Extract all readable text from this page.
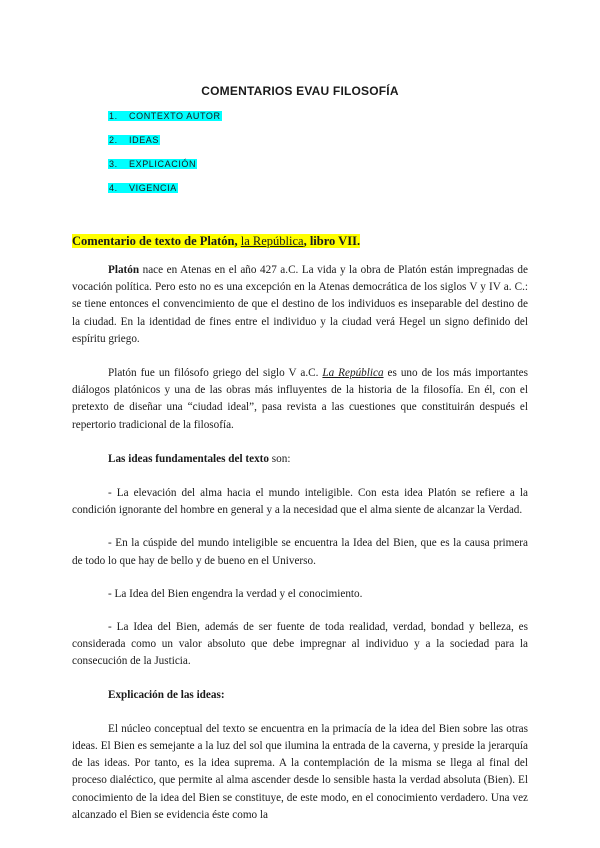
COMENTARIOS EVAU FILOSOFÍA
1. CONTEXTO AUTOR
2. IDEAS
3. EXPLICACIÓN
4. VIGENCIA
Comentario de texto de Platón, la República, libro VII.

Platón nace en Atenas en el año 427 a.C. La vida y la obra de Platón están impregnadas de vocación política. Pero esto no es una excepción en la Atenas democrática de los siglos V y IV a. C.: se tiene entonces el convencimiento de que el destino de los individuos es inseparable del destino de la ciudad. En la identidad de fines entre el individuo y la ciudad verá Hegel un signo definido del espíritu griego.

Platón fue un filósofo griego del siglo V a.C. La República es uno de los más importantes diálogos platónicos y una de las obras más influyentes de la historia de la filosofía. En él, con el pretexto de diseñar una “ciudad ideal”, pasa revista a las cuestiones que constituirán después el repertorio tradicional de la filosofía.

Las ideas fundamentales del texto son:

- La elevación del alma hacia el mundo inteligible. Con esta idea Platón se refiere a la condición ignorante del hombre en general y a la necesidad que el alma siente de alcanzar la Verdad.

- En la cúspide del mundo inteligible se encuentra la Idea del Bien, que es la causa primera de todo lo que hay de bello y de bueno en el Universo.

- La Idea del Bien engendra la verdad y el conocimiento.

- La Idea del Bien, además de ser fuente de toda realidad, verdad, bondad y belleza, es considerada como un valor absoluto que debe impregnar al individuo y a la sociedad para la consecución de la Justicia.

Explicación de las ideas:

El núcleo conceptual del texto se encuentra en la primacía de la idea del Bien sobre las otras ideas. El Bien es semejante a la luz del sol que ilumina la entrada de la caverna, y preside la jerarquía de las ideas. Por tanto, es la idea suprema. A la contemplación de la misma se llega al final del proceso dialéctico, que permite al alma ascender desde lo sensible hasta la verdad absoluta (Bien). El conocimiento de la idea del Bien se constituye, de este modo, en el conocimiento verdadero. Una vez alcanzado el Bien se evidencia éste como la
